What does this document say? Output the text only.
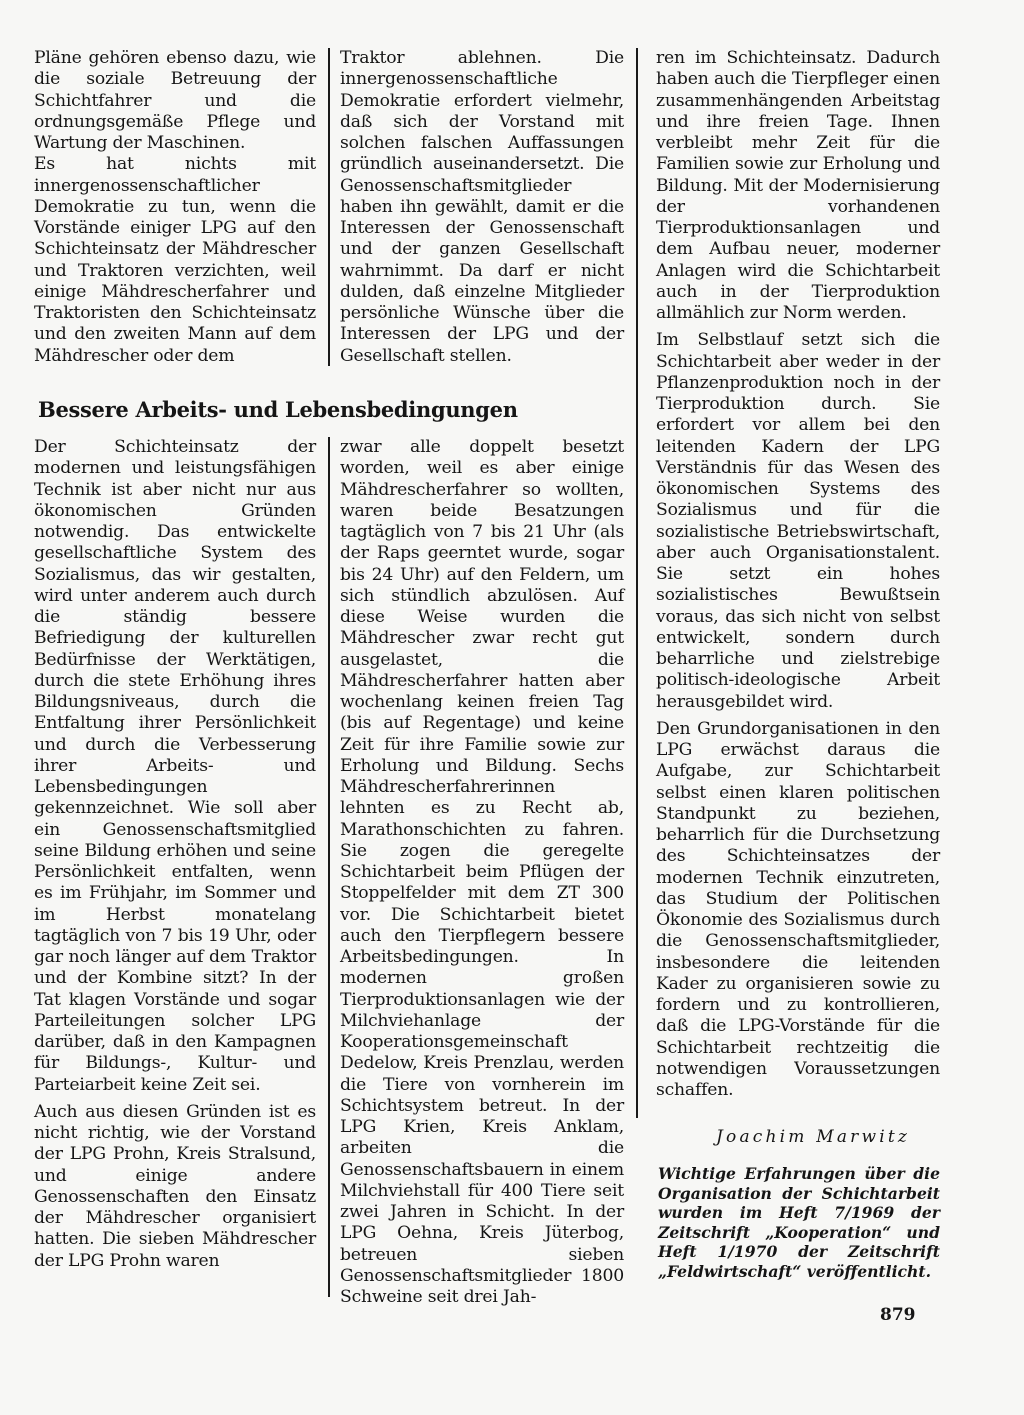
Pläne gehören ebenso dazu, wie die soziale Betreuung der Schichtfahrer und die ordnungsgemäße Pflege und Wartung der Maschinen.
Es hat nichts mit innergenossenschaftlicher Demokratie zu tun, wenn die Vorstände einiger LPG auf den Schichteinsatz der Mähdrescher und Traktoren verzichten, weil einige Mähdrescherfahrer und Traktoristen den Schichteinsatz und den zweiten Mann auf dem Mähdrescher oder dem

Traktor ablehnen. Die innergenossenschaftliche Demokratie erfordert vielmehr, daß sich der Vorstand mit solchen falschen Auffassungen gründlich auseinandersetzt. Die Genossenschaftsmitglieder haben ihn gewählt, damit er die Interessen der Genossenschaft und der ganzen Gesellschaft wahrnimmt. Da darf er nicht dulden, daß einzelne Mitglieder persönliche Wünsche über die Interessen der LPG und der Gesellschaft stellen.

Bessere Arbeits- und Lebensbedingungen

Der Schichteinsatz der modernen und leistungsfähigen Technik ist aber nicht nur aus ökonomischen Gründen notwendig. Das entwickelte gesellschaftliche System des Sozialismus, das wir gestalten, wird unter anderem auch durch die ständig bessere Befriedigung der kulturellen Bedürfnisse der Werktätigen, durch die stete Erhöhung ihres Bildungsniveaus, durch die Entfaltung ihrer Persönlichkeit und durch die Verbesserung ihrer Arbeits- und Lebensbedingungen gekennzeichnet. Wie soll aber ein Genossenschaftsmitglied seine Bildung erhöhen und seine Persönlichkeit entfalten, wenn es im Frühjahr, im Sommer und im Herbst monatelang tagtäglich von 7 bis 19 Uhr, oder gar noch länger auf dem Traktor und der Kombine sitzt? In der Tat klagen Vorstände und sogar Parteileitungen solcher LPG darüber, daß in den Kampagnen für Bildungs-, Kultur- und Parteiarbeit keine Zeit sei.

Auch aus diesen Gründen ist es nicht richtig, wie der Vorstand der LPG Prohn, Kreis Stralsund, und einige andere Genossenschaften den Einsatz der Mähdrescher organisiert hatten. Die sieben Mähdrescher der LPG Prohn waren

zwar alle doppelt besetzt worden, weil es aber einige Mähdrescherfahrer so wollten, waren beide Besatzungen tagtäglich von 7 bis 21 Uhr (als der Raps geerntet wurde, sogar bis 24 Uhr) auf den Feldern, um sich stündlich abzulösen. Auf diese Weise wurden die Mähdrescher zwar recht gut ausgelastet, die Mähdrescherfahrer hatten aber wochenlang keinen freien Tag (bis auf Regentage) und keine Zeit für ihre Familie sowie zur Erholung und Bildung. Sechs Mähdrescherfahrerinnen lehnten es zu Recht ab, Marathonschichten zu fahren. Sie zogen die geregelte Schichtarbeit beim Pflügen der Stoppelfelder mit dem ZT 300 vor. Die Schichtarbeit bietet auch den Tierpflegern bessere Arbeitsbedingungen. In modernen großen Tierproduktionsanlagen wie der Milchviehanlage der Kooperationsgemeinschaft Dedelow, Kreis Prenzlau, werden die Tiere von vornherein im Schichtsystem betreut. In der LPG Krien, Kreis Anklam, arbeiten die Genossenschaftsbauern in einem Milchviehstall für 400 Tiere seit zwei Jahren in Schicht. In der LPG Oehna, Kreis Jüterbog, betreuen sieben Genossenschaftsmitglieder 1800 Schweine seit drei Jah-

ren im Schichteinsatz. Dadurch haben auch die Tierpfleger einen zusammenhängenden Arbeitstag und ihre freien Tage. Ihnen verbleibt mehr Zeit für die Familien sowie zur Erholung und Bildung. Mit der Modernisierung der vorhandenen Tierproduktionsanlagen und dem Aufbau neuer, moderner Anlagen wird die Schichtarbeit auch in der Tierproduktion allmählich zur Norm werden.

Im Selbstlauf setzt sich die Schichtarbeit aber weder in der Pflanzenproduktion noch in der Tierproduktion durch. Sie erfordert vor allem bei den leitenden Kadern der LPG Verständnis für das Wesen des ökonomischen Systems des Sozialismus und für die sozialistische Betriebswirtschaft, aber auch Organisationstalent. Sie setzt ein hohes sozialistisches Bewußtsein voraus, das sich nicht von selbst entwickelt, sondern durch beharrliche und zielstrebige politisch-ideologische Arbeit herausgebildet wird.

Den Grundorganisationen in den LPG erwächst daraus die Aufgabe, zur Schichtarbeit selbst einen klaren politischen Standpunkt zu beziehen, beharrlich für die Durchsetzung des Schichteinsatzes der modernen Technik einzutreten, das Studium der Politischen Ökonomie des Sozialismus durch die Genossenschaftsmitglieder, insbesondere die leitenden Kader zu organisieren sowie zu fordern und zu kontrollieren, daß die LPG-Vorstände für die Schichtarbeit rechtzeitig die notwendigen Voraussetzungen schaffen.

Joachim Marwitz
Wichtige Erfahrungen über die Organisation der Schichtarbeit wurden im Heft 7/1969 der Zeitschrift „Kooperation“ und Heft 1/1970 der Zeitschrift „Feldwirtschaft“ veröffentlicht.
879
